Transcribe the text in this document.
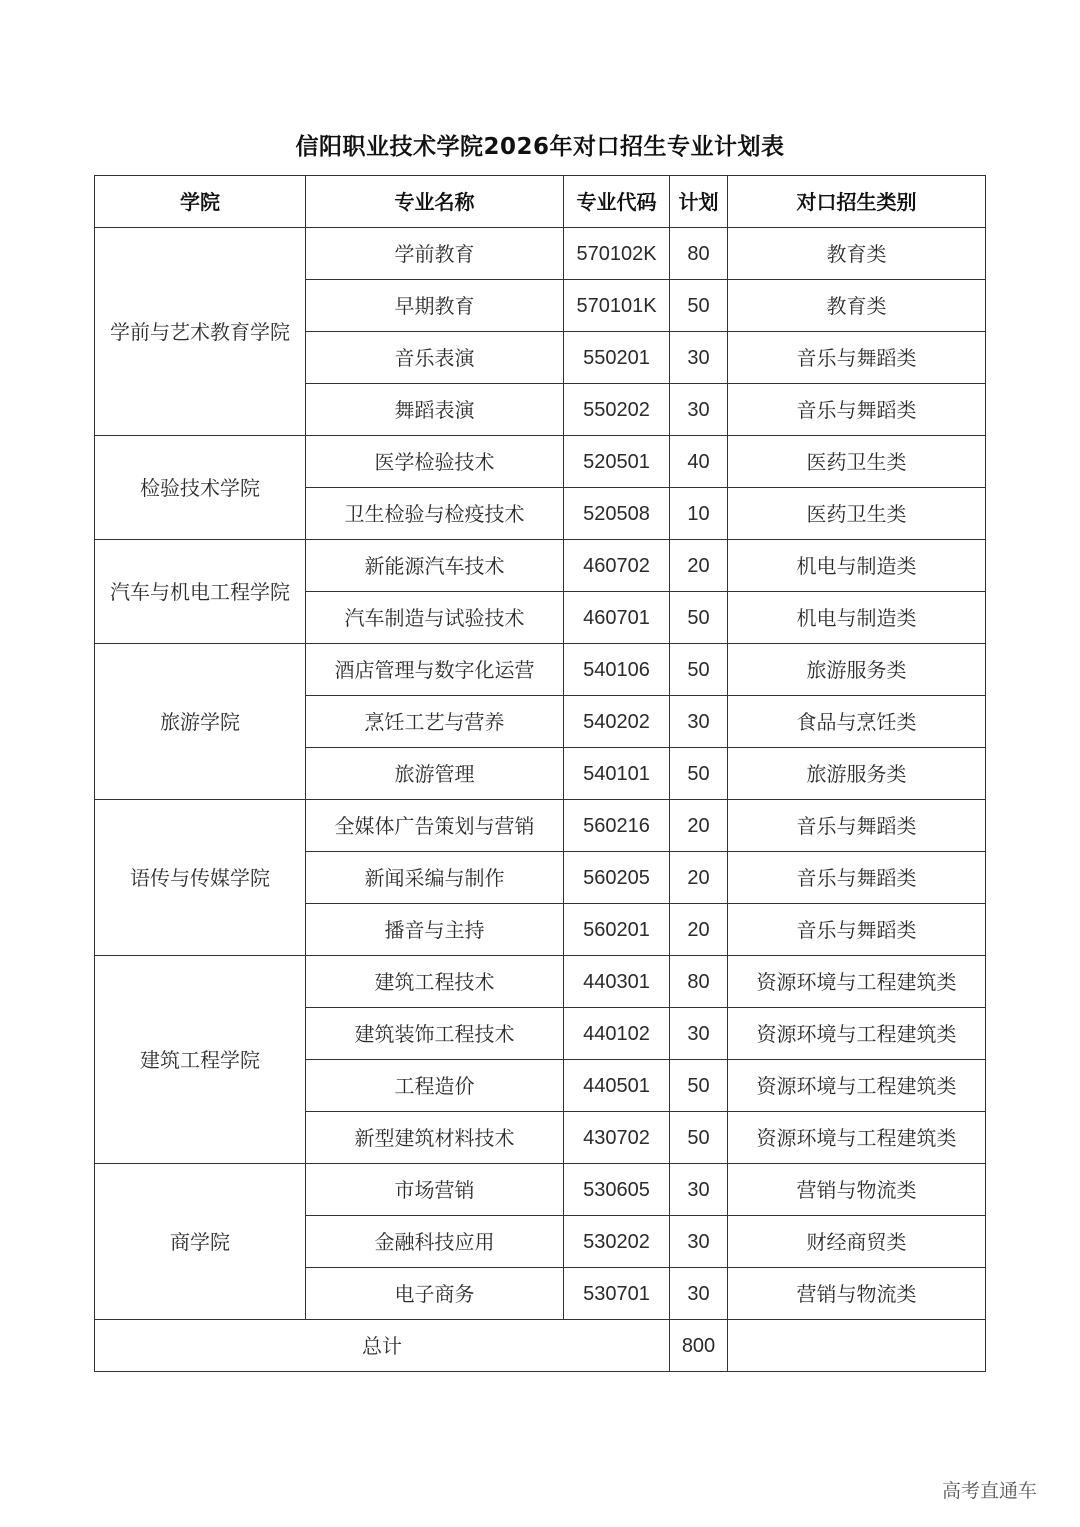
信阳职业技术学院2026年对口招生专业计划表
学院	专业名称	专业代码	计划	对口招生类别
学前与艺术教育学院	学前教育	570102K	80	教育类
	早期教育	570101K	50	教育类
	音乐表演	550201	30	音乐与舞蹈类
	舞蹈表演	550202	30	音乐与舞蹈类
检验技术学院	医学检验技术	520501	40	医药卫生类
	卫生检验与检疫技术	520508	10	医药卫生类
汽车与机电工程学院	新能源汽车技术	460702	20	机电与制造类
	汽车制造与试验技术	460701	50	机电与制造类
旅游学院	酒店管理与数字化运营	540106	50	旅游服务类
	烹饪工艺与营养	540202	30	食品与烹饪类
	旅游管理	540101	50	旅游服务类
语传与传媒学院	全媒体广告策划与营销	560216	20	音乐与舞蹈类
	新闻采编与制作	560205	20	音乐与舞蹈类
	播音与主持	560201	20	音乐与舞蹈类
建筑工程学院	建筑工程技术	440301	80	资源环境与工程建筑类
	建筑装饰工程技术	440102	30	资源环境与工程建筑类
	工程造价	440501	50	资源环境与工程建筑类
	新型建筑材料技术	430702	50	资源环境与工程建筑类
商学院	市场营销	530605	30	营销与物流类
	金融科技应用	530202	30	财经商贸类
	电子商务	530701	30	营销与物流类
总计			800	
高考直通车
